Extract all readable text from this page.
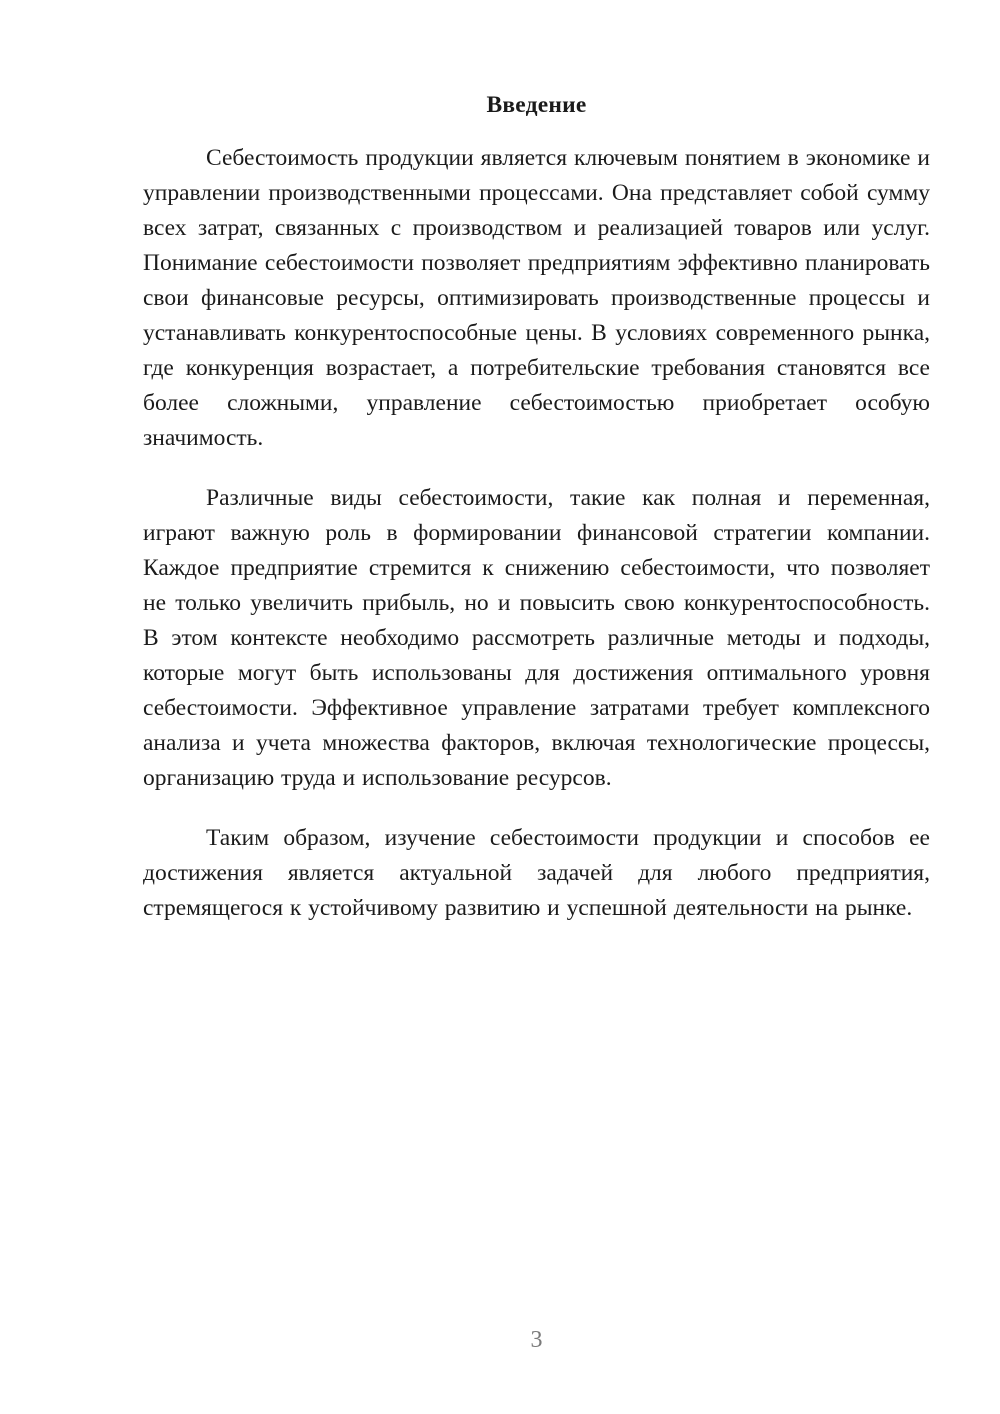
Введение

Себестоимость продукции является ключевым понятием в экономике и управлении производственными процессами. Она представляет собой сумму всех затрат, связанных с производством и реализацией товаров или услуг. Понимание себестоимости позволяет предприятиям эффективно планировать свои финансовые ресурсы, оптимизировать производственные процессы и устанавливать конкурентоспособные цены. В условиях современного рынка, где конкуренция возрастает, а потребительские требования становятся все более сложными, управление себестоимостью приобретает особую значимость.

Различные виды себестоимости, такие как полная и переменная, играют важную роль в формировании финансовой стратегии компании. Каждое предприятие стремится к снижению себестоимости, что позволяет не только увеличить прибыль, но и повысить свою конкурентоспособность. В этом контексте необходимо рассмотреть различные методы и подходы, которые могут быть использованы для достижения оптимального уровня себестоимости. Эффективное управление затратами требует комплексного анализа и учета множества факторов, включая технологические процессы, организацию труда и использование ресурсов.

Таким образом, изучение себестоимости продукции и способов ее достижения является актуальной задачей для любого предприятия, стремящегося к устойчивому развитию и успешной деятельности на рынке.

3
